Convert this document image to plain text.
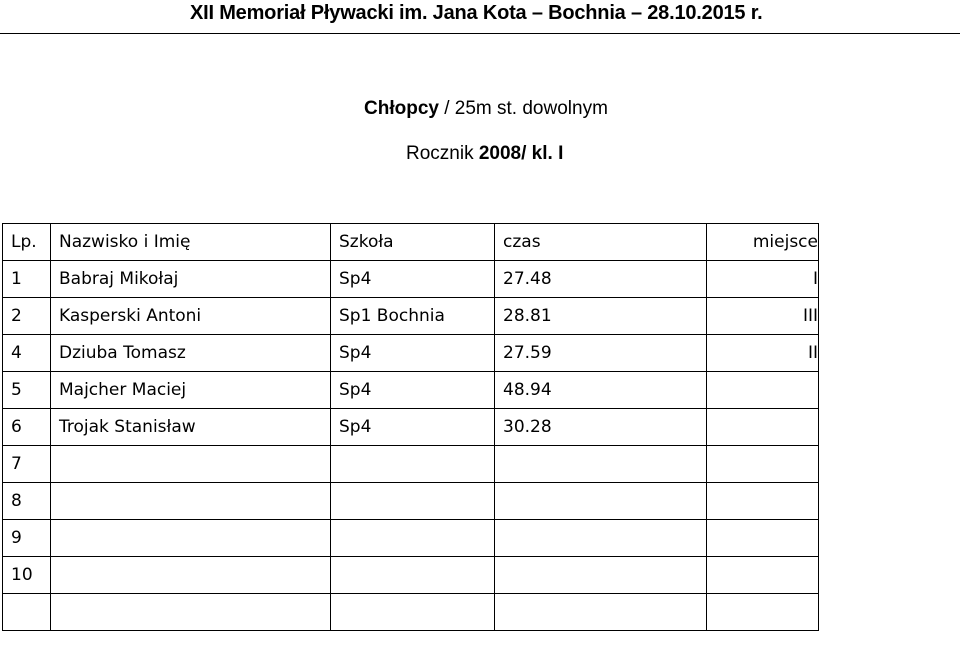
XII Memoriał Pływacki im. Jana Kota – Bochnia – 28.10.2015 r.
Chłopcy / 25m st. dowolnym
Rocznik 2008/ kl. I
Lp.	Nazwisko i Imię	Szkoła	czas	miejsce
1	Babraj Mikołaj	Sp4	27.48	I
2	Kasperski Antoni	Sp1 Bochnia	28.81	III
4	Dziuba Tomasz	Sp4	27.59	II
5	Majcher Maciej	Sp4	48.94	
6	Trojak Stanisław	Sp4	30.28	
7				
8				
9				
10				
